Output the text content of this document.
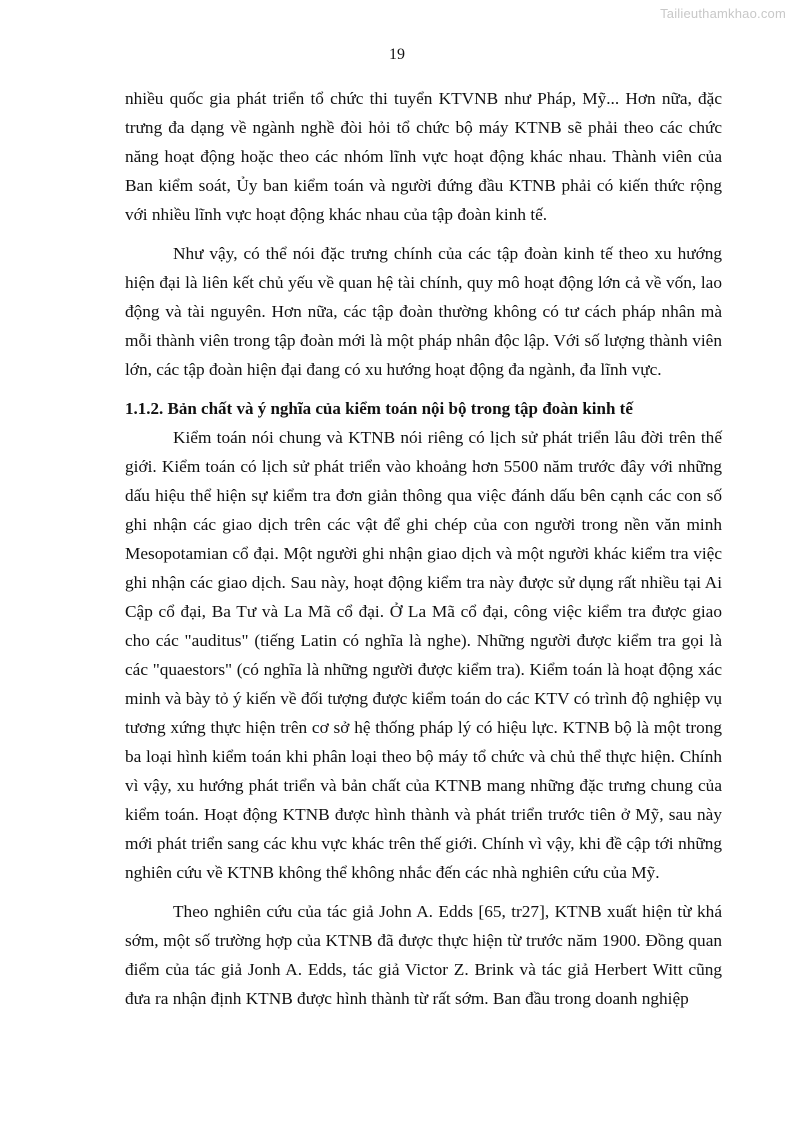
Tailieuthamkhao.com
19

nhiều quốc gia phát triển tổ chức thi tuyển KTVNB như Pháp, Mỹ... Hơn nữa, đặc trưng đa dạng về ngành nghề đòi hỏi tổ chức bộ máy KTNB sẽ phải theo các chức năng hoạt động hoặc theo các nhóm lĩnh vực hoạt động khác nhau. Thành viên của Ban kiểm soát, Ủy ban kiểm toán và người đứng đầu KTNB phải có kiến thức rộng với nhiều lĩnh vực hoạt động khác nhau của tập đoàn kinh tế.

Như vậy, có thể nói đặc trưng chính của các tập đoàn kinh tế theo xu hướng hiện đại là liên kết chủ yếu về quan hệ tài chính, quy mô hoạt động lớn cả về vốn, lao động và tài nguyên. Hơn nữa, các tập đoàn thường không có tư cách pháp nhân mà mỗi thành viên trong tập đoàn mới là một pháp nhân độc lập. Với số lượng thành viên lớn, các tập đoàn hiện đại đang có xu hướng hoạt động đa ngành, đa lĩnh vực.

1.1.2. Bản chất và ý nghĩa của kiểm toán nội bộ trong tập đoàn kinh tế

Kiểm toán nói chung và KTNB nói riêng có lịch sử phát triển lâu đời trên thế giới. Kiểm toán có lịch sử phát triển vào khoảng hơn 5500 năm trước đây với những dấu hiệu thể hiện sự kiểm tra đơn giản thông qua việc đánh dấu bên cạnh các con số ghi nhận các giao dịch trên các vật để ghi chép của con người trong nền văn minh Mesopotamian cổ đại. Một người ghi nhận giao dịch và một người khác kiểm tra việc ghi nhận các giao dịch. Sau này, hoạt động kiểm tra này được sử dụng rất nhiều tại Ai Cập cổ đại, Ba Tư và La Mã cổ đại. Ở La Mã cổ đại, công việc kiểm tra được giao cho các "auditus" (tiếng Latin có nghĩa là nghe). Những người được kiểm tra gọi là các "quaestors" (có nghĩa là những người được kiểm tra). Kiểm toán là hoạt động xác minh và bày tỏ ý kiến về đối tượng được kiểm toán do các KTV có trình độ nghiệp vụ tương xứng thực hiện trên cơ sở hệ thống pháp lý có hiệu lực. KTNB bộ là một trong ba loại hình kiểm toán khi phân loại theo bộ máy tổ chức và chủ thể thực hiện. Chính vì vậy, xu hướng phát triển và bản chất của KTNB mang những đặc trưng chung của kiểm toán. Hoạt động KTNB được hình thành và phát triển trước tiên ở Mỹ, sau này mới phát triển sang các khu vực khác trên thế giới. Chính vì vậy, khi đề cập tới những nghiên cứu về KTNB không thể không nhắc đến các nhà nghiên cứu của Mỹ.

Theo nghiên cứu của tác giả John A. Edds [65, tr27], KTNB xuất hiện từ khá sớm, một số trường hợp của KTNB đã được thực hiện từ trước năm 1900. Đồng quan điểm của tác giả Jonh A. Edds, tác giả Victor Z. Brink và tác giả Herbert Witt cũng đưa ra nhận định KTNB được hình thành từ rất sớm. Ban đầu trong doanh nghiệp
